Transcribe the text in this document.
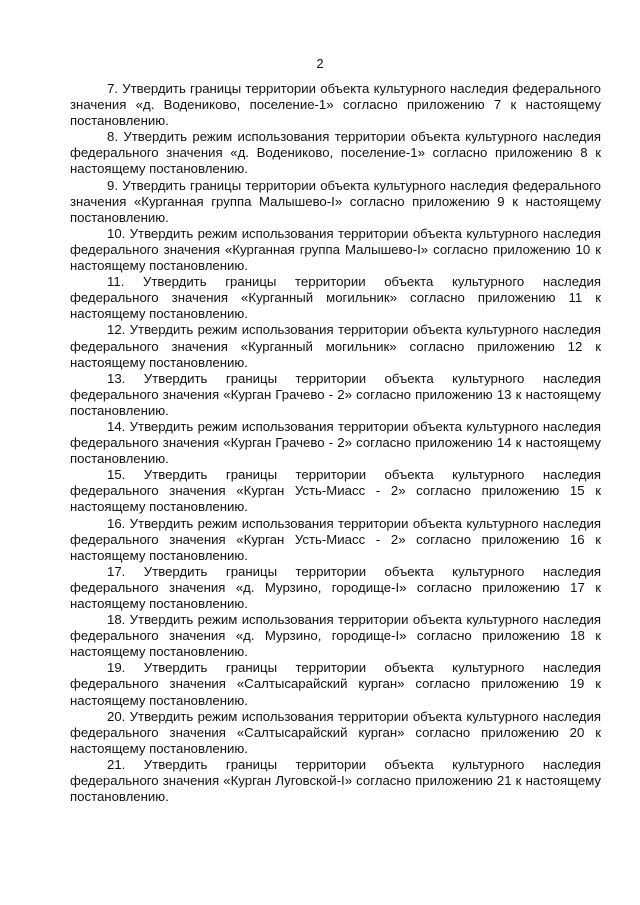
2

7. Утвердить границы территории объекта культурного наследия федерального значения «д. Водениково, поселение-1» согласно приложению 7 к настоящему постановлению.

8. Утвердить режим использования территории объекта культурного наследия федерального значения «д. Водениково, поселение-1» согласно приложению 8 к настоящему постановлению.

9. Утвердить границы территории объекта культурного наследия федерального значения «Курганная группа Малышево-I» согласно приложению 9 к настоящему постановлению.

10. Утвердить режим использования территории объекта культурного наследия федерального значения «Курганная группа Малышево-I» согласно приложению 10 к настоящему постановлению.

11. Утвердить границы территории объекта культурного наследия федерального значения «Курганный могильник» согласно приложению 11 к настоящему постановлению.

12. Утвердить режим использования территории объекта культурного наследия федерального значения «Курганный могильник» согласно приложению 12 к настоящему постановлению.

13. Утвердить границы территории объекта культурного наследия федерального значения «Курган Грачево - 2» согласно приложению 13 к настоящему постановлению.

14. Утвердить режим использования территории объекта культурного наследия федерального значения «Курган Грачево - 2» согласно приложению 14 к настоящему постановлению.

15. Утвердить границы территории объекта культурного наследия федерального значения «Курган Усть-Миасс - 2» согласно приложению 15 к настоящему постановлению.

16. Утвердить режим использования территории объекта культурного наследия федерального значения «Курган Усть-Миасс - 2» согласно приложению 16 к настоящему постановлению.

17. Утвердить границы территории объекта культурного наследия федерального значения «д. Мурзино, городище-I» согласно приложению 17 к настоящему постановлению.

18. Утвердить режим использования территории объекта культурного наследия федерального значения «д. Мурзино, городище-I» согласно приложению 18 к настоящему постановлению.

19. Утвердить границы территории объекта культурного наследия федерального значения «Салтысарайский курган» согласно приложению 19 к настоящему постановлению.

20. Утвердить режим использования территории объекта культурного наследия федерального значения «Салтысарайский курган» согласно приложению 20 к настоящему постановлению.

21. Утвердить границы территории объекта культурного наследия федерального значения «Курган Луговской-I» согласно приложению 21 к настоящему постановлению.
